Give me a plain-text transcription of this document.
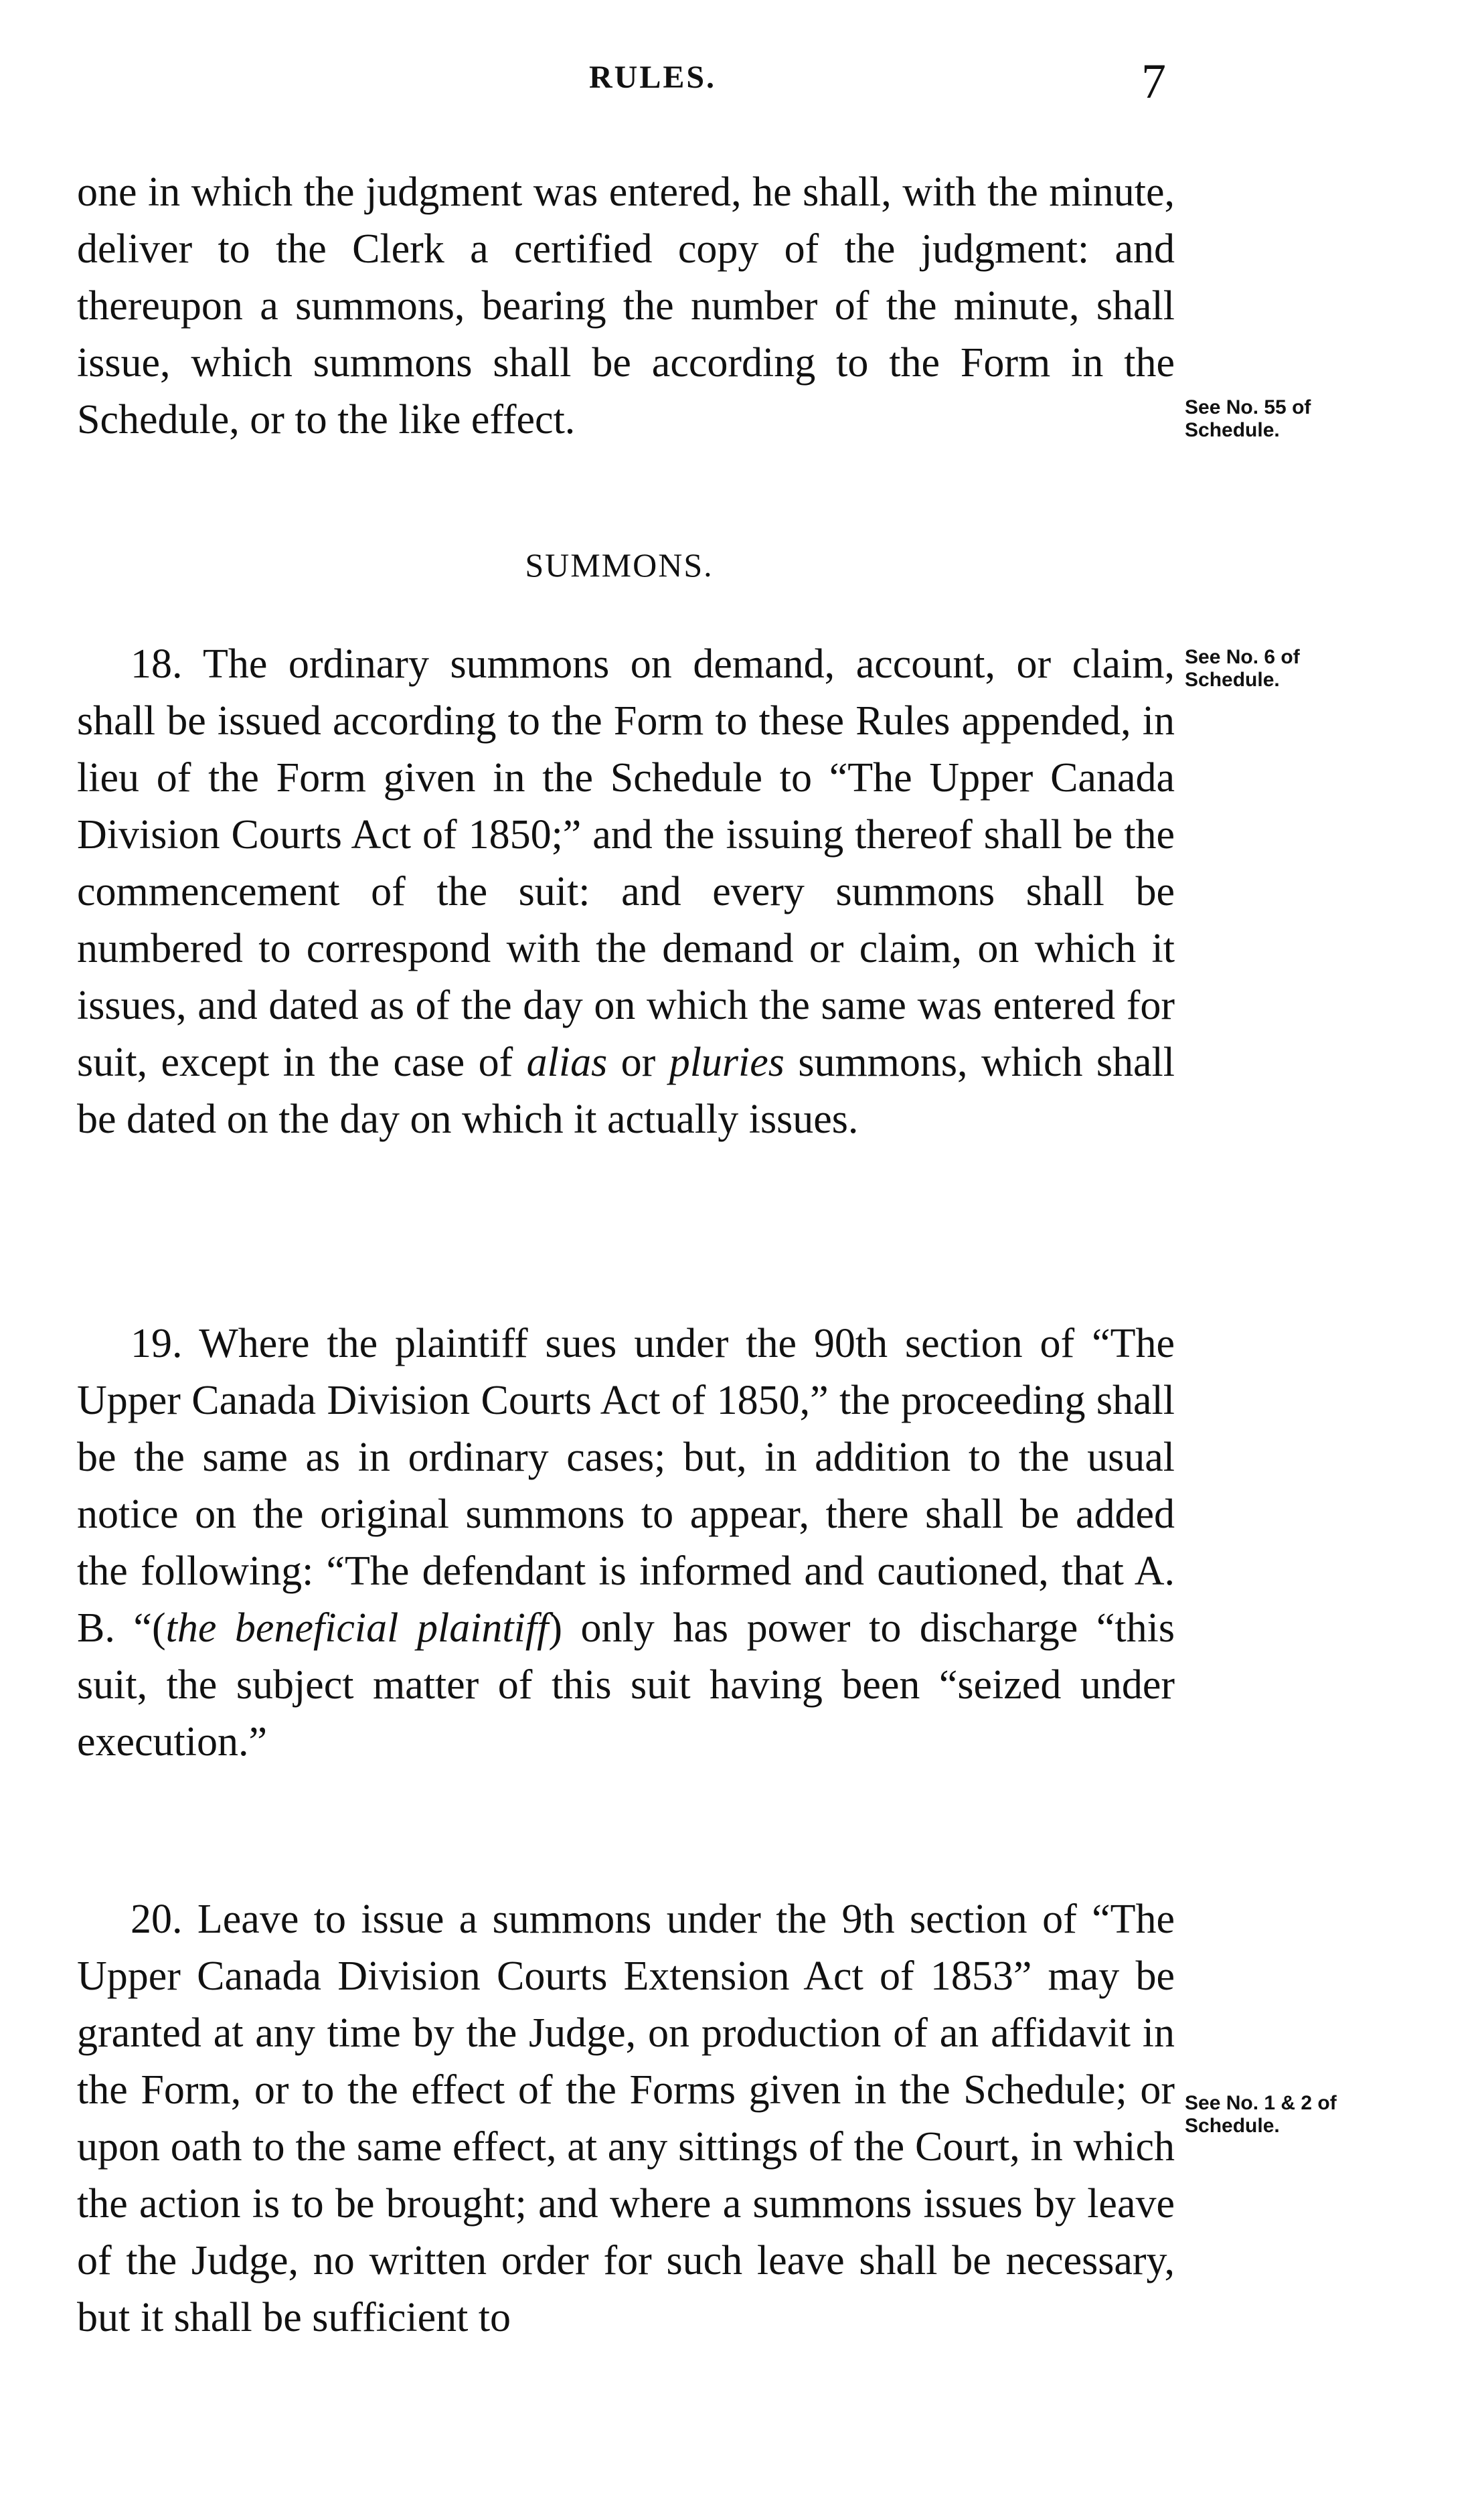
RULES.	7

one in which the judgment was entered, he shall, with the minute, deliver to the Clerk a certified copy of the judgment: and thereupon a summons, bearing the number of the minute, shall issue, which summons shall be according to the Form in the Schedule, or to the like effect.

SUMMONS.

18. The ordinary summons on demand, account, or claim, shall be issued according to the Form to these Rules appended, in lieu of the Form given in the Schedule to “The Upper Canada Division Courts Act of 1850;” and the issuing thereof shall be the commencement of the suit: and every summons shall be numbered to correspond with the demand or claim, on which it issues, and dated as of the day on which the same was entered for suit, except in the case of alias or pluries summons, which shall be dated on the day on which it actually issues.

19. Where the plaintiff sues under the 90th section of “The Upper Canada Division Courts Act of 1850,” the proceeding shall be the same as in ordinary cases; but, in addition to the usual notice on the original summons to appear, there shall be added the following: “The defendant is informed and cautioned, that A. B. “(the beneficial plaintiff) only has power to discharge “this suit, the subject matter of this suit having been “seized under execution.”

20. Leave to issue a summons under the 9th section of “The Upper Canada Division Courts Extension Act of 1853” may be granted at any time by the Judge, on production of an affidavit in the Form, or to the effect of the Forms given in the Schedule; or upon oath to the same effect, at any sittings of the Court, in which the action is to be brought; and where a summons issues by leave of the Judge, no written order for such leave shall be necessary, but it shall be sufficient to

See No. 55 of Schedule.
See No. 6 of Schedule.
See No. 1 & 2 of Schedule.
